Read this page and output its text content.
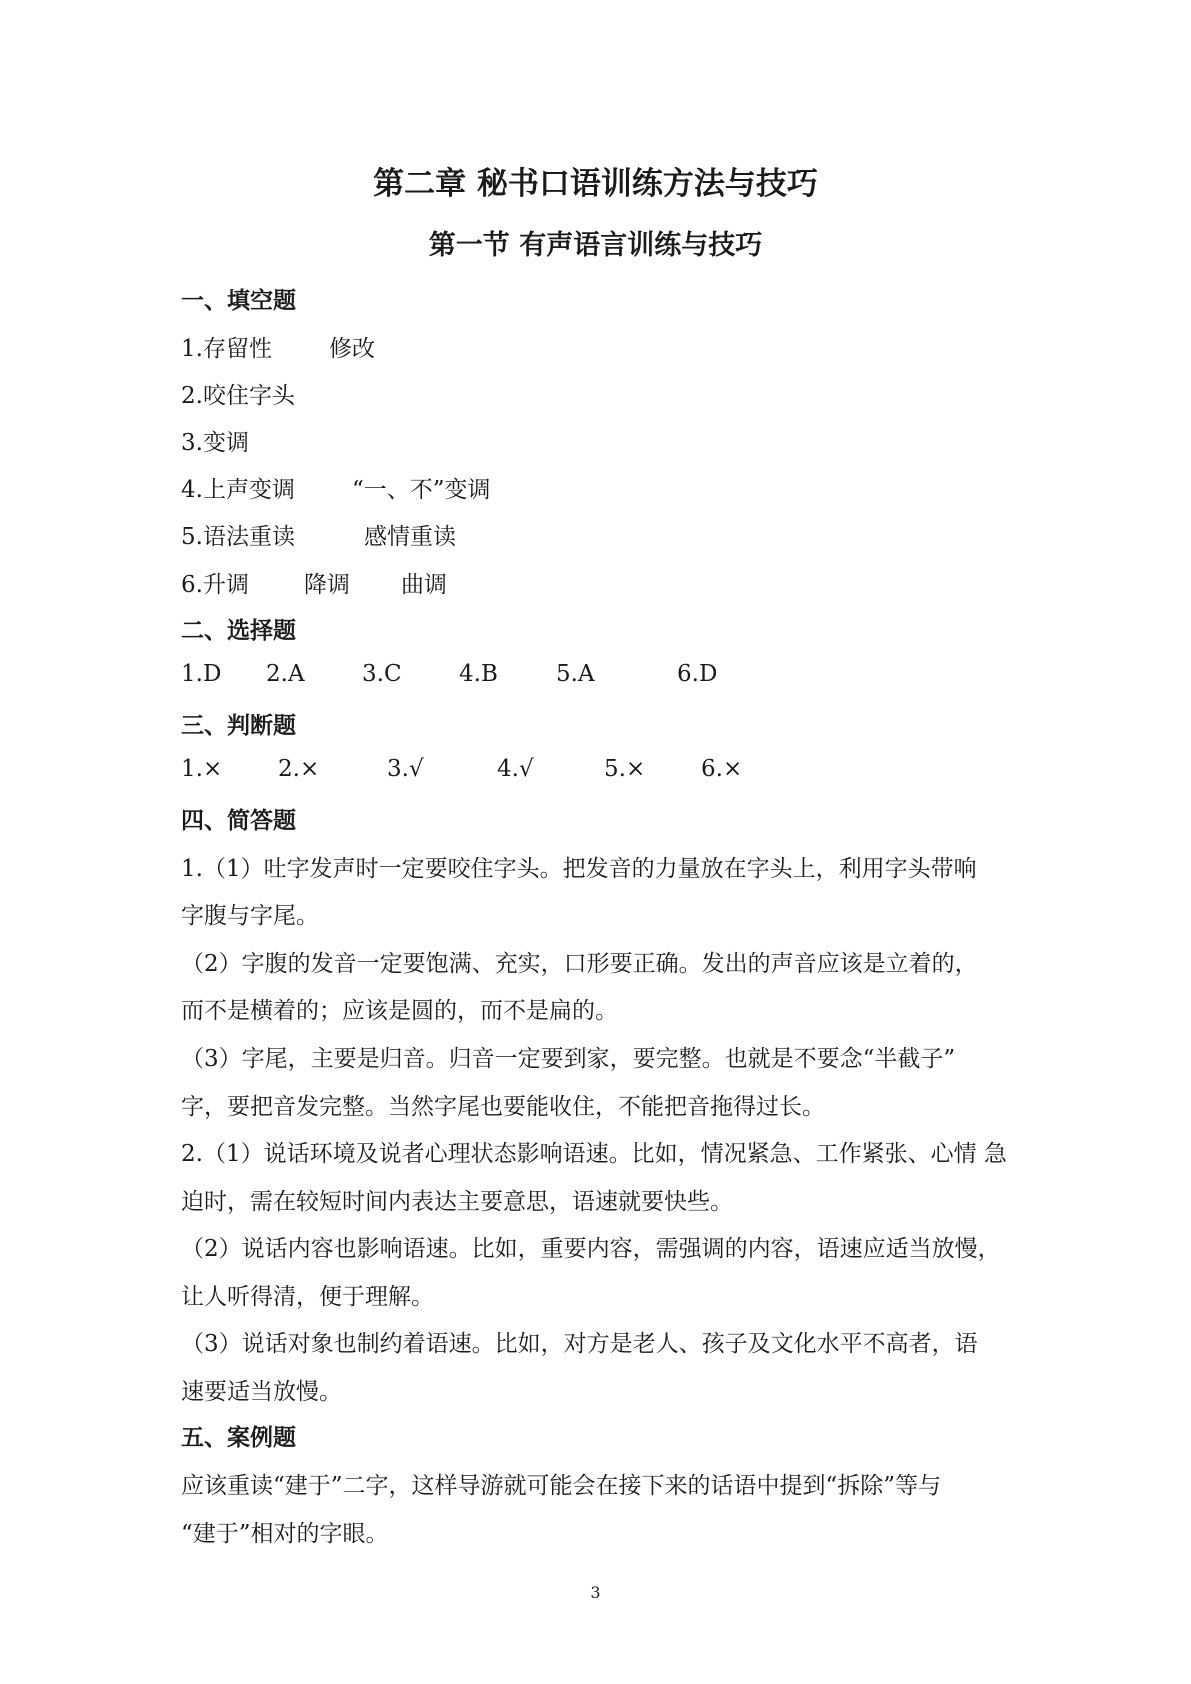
第二章 秘书口语训练方法与技巧
第一节 有声语言训练与技巧
一、填空题
1.存留性 修改
2.咬住字头
3.变调
4.上声变调 “一、不”变调
5.语法重读	感情重读
6.升调 降调 曲调
二、选择题
1.D 2.A 3.C 4.B	5.A	6.D
三、判断题
1.× 2.×	3.√	4.√	5.× 6.×
四、简答题
1.（1）吐字发声时一定要咬住字头。把发音的力量放在字头上，利用字头带响
字腹与字尾。
（2）字腹的发音一定要饱满、充实，口形要正确。发出的声音应该是立着的，
而不是横着的；应该是圆的，而不是扁的。
（3）字尾，主要是归音。归音一定要到家，要完整。也就是不要念“半截子”
字，要把音发完整。当然字尾也要能收住，不能把音拖得过长。
2.（1）说话环境及说者心理状态影响语速。比如，情况紧急、工作紧张、心情 急
迫时，需在较短时间内表达主要意思，语速就要快些。
（2）说话内容也影响语速。比如，重要内容，需强调的内容，语速应适当放慢，
让人听得清，便于理解。
（3）说话对象也制约着语速。比如，对方是老人、孩子及文化水平不高者，语
速要适当放慢。
五、案例题
应该重读“建于”二字，这样导游就可能会在接下来的话语中提到“拆除”等与
“建于”相对的字眼。
3
